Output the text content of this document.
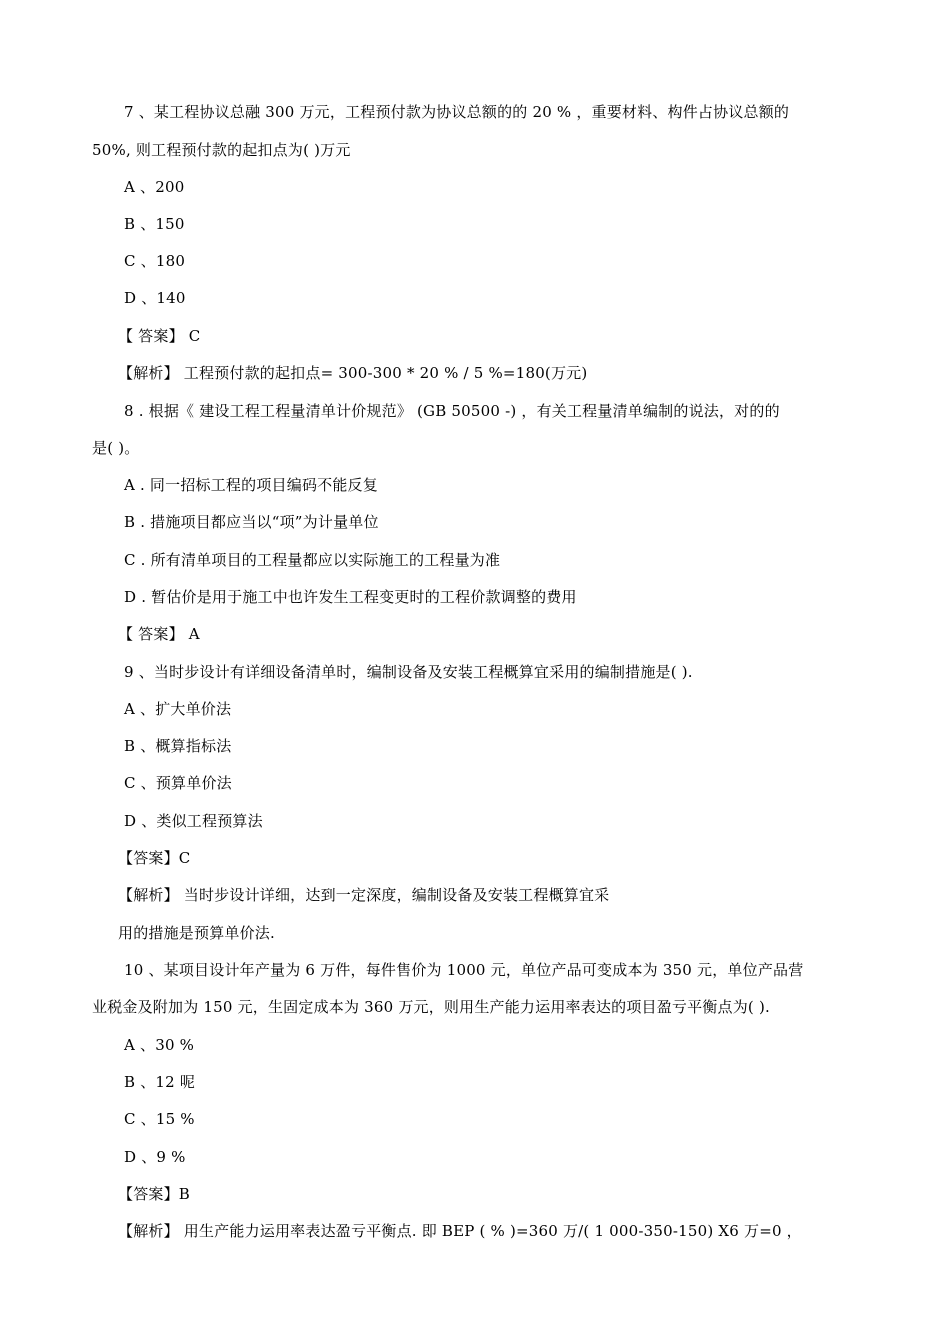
7 、某工程协议总融 300 万元，工程预付款为协议总额的的 20 % ，重要材料、构件占协议总额的
50%, 则工程预付款的起扣点为( )万元
A 、200
B 、150
C 、180
D 、140
【 答案】 C
【解析】 工程预付款的起扣点= 300-300 * 20 % / 5 %=180(万元)
8 . 根据《 建设工程工程量清单计价规范》 (GB 50500 -) ，有关工程量清单编制的说法，对的的
是( )。
A . 同一招标工程的项目编码不能反复
B . 措施项目都应当以“项”为计量单位
C . 所有清单项目的工程量都应以实际施工的工程量为准
D . 暂估价是用于施工中也许发生工程变更时的工程价款调整的费用
【 答案】 A
9 、当时步设计有详细设备清单时，编制设备及安装工程概算宜采用的编制措施是( ).
A 、扩大单价法
B 、概算指标法
C 、预算单价法
D 、类似工程预算法
【答案】C
【解析】 当时步设计详细，达到一定深度，编制设备及安装工程概算宜采
用的措施是预算单价法.
10 、某项目设计年产量为 6 万件，每件售价为 1000 元，单位产品可变成本为 350 元，单位产品营
业税金及附加为 150 元，生固定成本为 360 万元，则用生产能力运用率表达的项目盈亏平衡点为( ).
A 、30 %
B 、12 呢
C 、15 %
D 、9 %
【答案】B
【解析】 用生产能力运用率表达盈亏平衡点. 即 BEP ( % )=360 万/( 1 000-350-150) X6 万=0 ，
